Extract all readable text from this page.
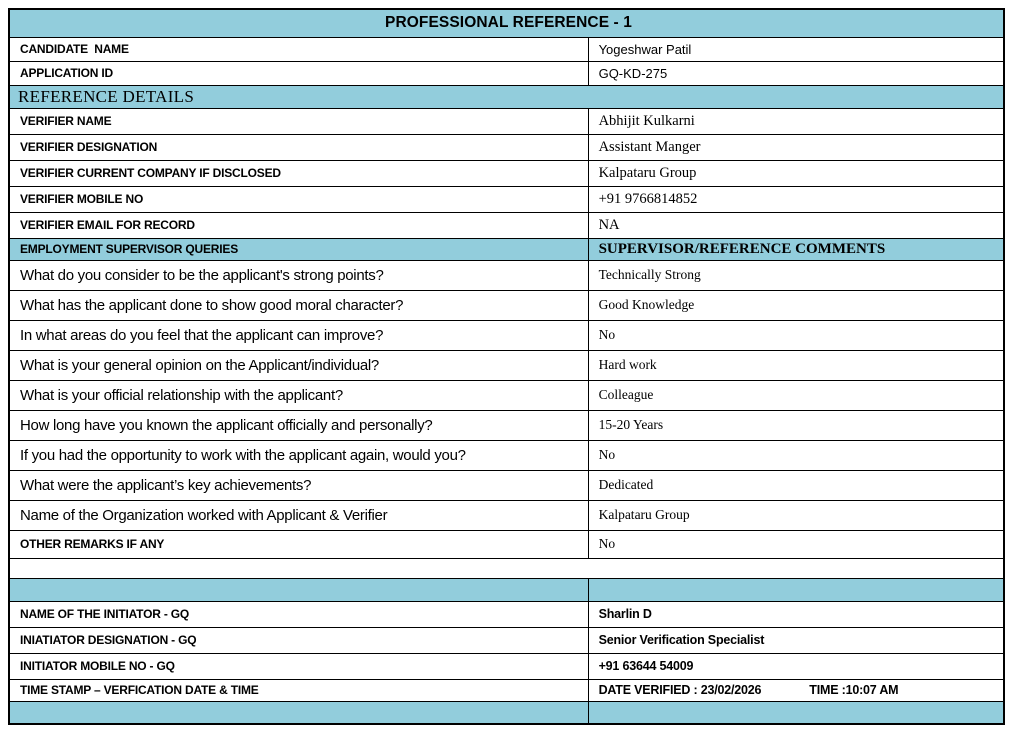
PROFESSIONAL REFERENCE - 1	
CANDIDATE  NAME	Yogeshwar Patil
APPLICATION ID	GQ-KD-275
REFERENCE DETAILS	
VERIFIER NAME	Abhijit Kulkarni
VERIFIER DESIGNATION	Assistant Manger
VERIFIER CURRENT COMPANY IF DISCLOSED	Kalpataru Group
VERIFIER MOBILE NO	+91 9766814852
VERIFIER EMAIL FOR RECORD	NA
EMPLOYMENT SUPERVISOR QUERIES	SUPERVISOR/REFERENCE COMMENTS
What do you consider to be the applicant's strong points?	Technically Strong
What has the applicant done to show good moral character?	Good Knowledge
In what areas do you feel that the applicant can improve?	No
What is your general opinion on the Applicant/individual?	Hard work
What is your official relationship with the applicant?	Colleague
How long have you known the applicant officially and personally?	15-20 Years
If you had the opportunity to work with the applicant again, would you?	No
What were the applicant’s key achievements?	Dedicated
Name of the Organization worked with Applicant & Verifier	Kalpataru Group
OTHER REMARKS IF ANY	No

NAME OF THE INITIATOR - GQ	Sharlin D
INIATIATOR DESIGNATION - GQ	Senior Verification Specialist
INITIATOR MOBILE NO - GQ	+91 63644 54009
TIME STAMP – VERFICATION DATE & TIME	DATE VERIFIED : 23/02/2026 TIME :10:07 AM
